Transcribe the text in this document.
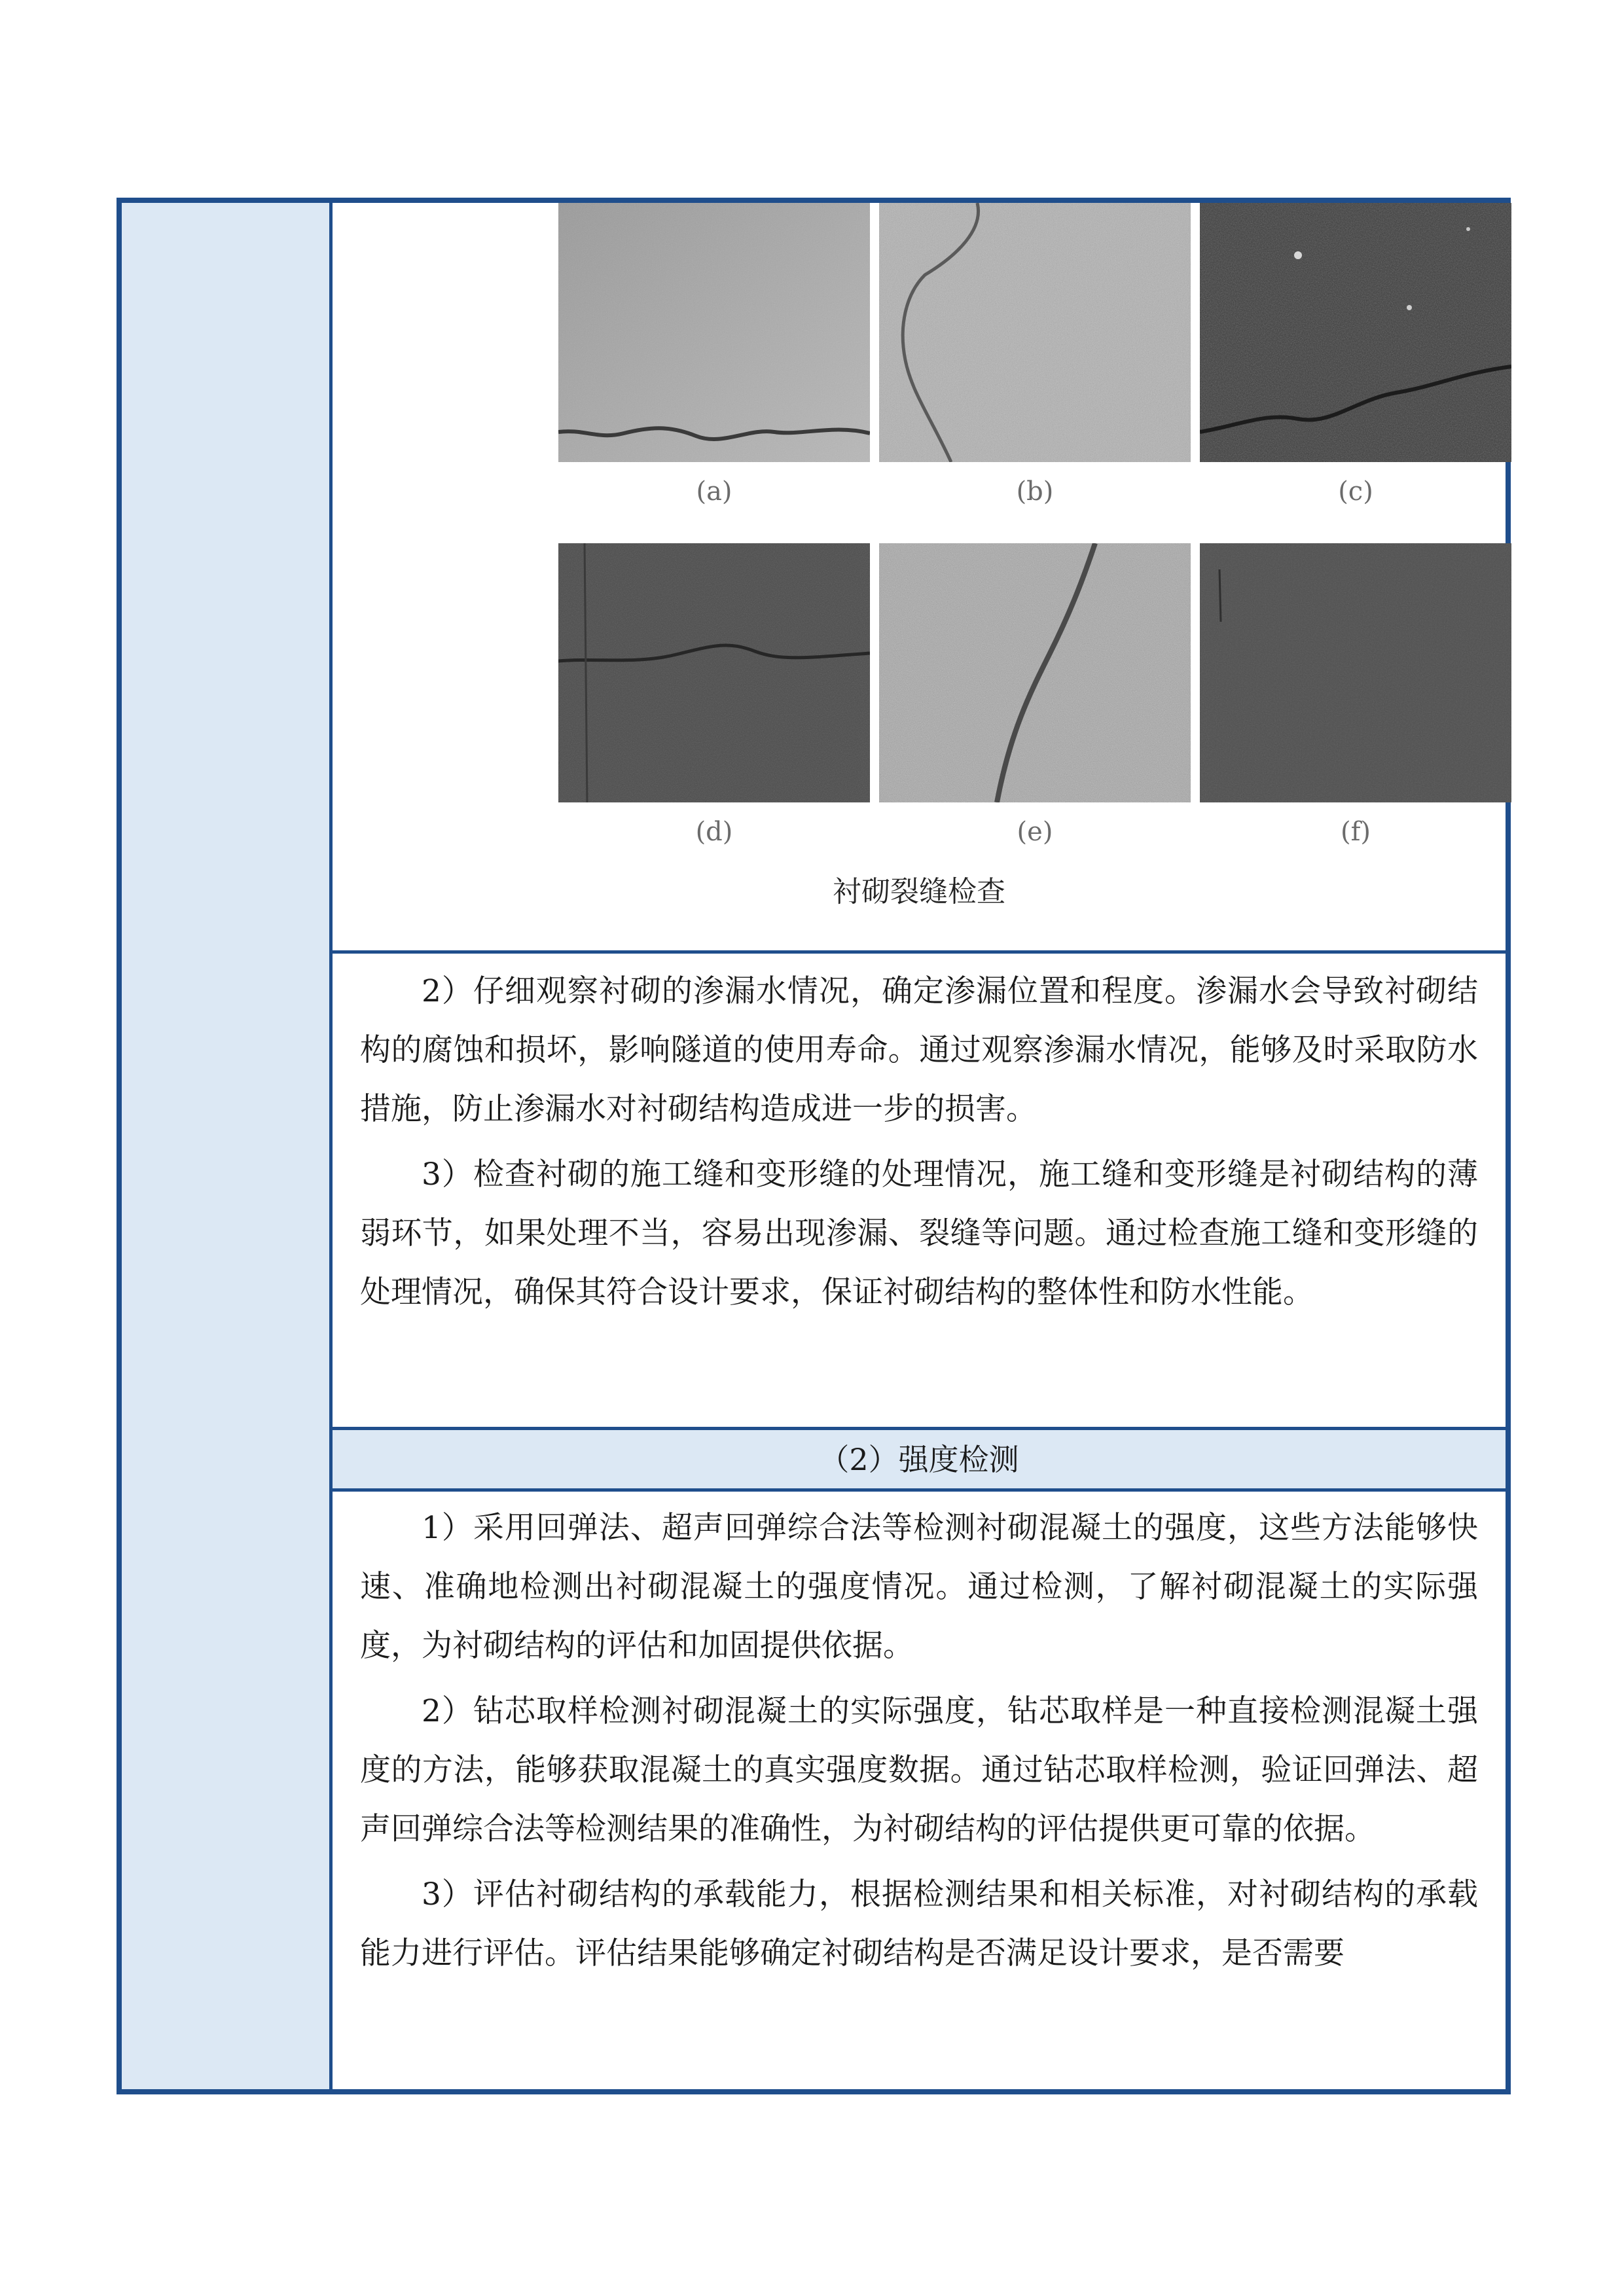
(a)	(b)	(c)
(d)	(e)	(f)
衬砌裂缝检查

2）仔细观察衬砌的渗漏水情况，确定渗漏位置和程度。渗漏水会导致衬砌结构的腐蚀和损坏，影响隧道的使用寿命。通过观察渗漏水情况，能够及时采取防水措施，防止渗漏水对衬砌结构造成进一步的损害。

3）检查衬砌的施工缝和变形缝的处理情况，施工缝和变形缝是衬砌结构的薄弱环节，如果处理不当，容易出现渗漏、裂缝等问题。通过检查施工缝和变形缝的处理情况，确保其符合设计要求，保证衬砌结构的整体性和防水性能。

（2）强度检测

1）采用回弹法、超声回弹综合法等检测衬砌混凝土的强度，这些方法能够快速、准确地检测出衬砌混凝土的强度情况。通过检测，了解衬砌混凝土的实际强度，为衬砌结构的评估和加固提供依据。

2）钻芯取样检测衬砌混凝土的实际强度，钻芯取样是一种直接检测混凝土强度的方法，能够获取混凝土的真实强度数据。通过钻芯取样检测，验证回弹法、超声回弹综合法等检测结果的准确性，为衬砌结构的评估提供更可靠的依据。

3）评估衬砌结构的承载能力，根据检测结果和相关标准，对衬砌结构的承载能力进行评估。评估结果能够确定衬砌结构是否满足设计要求，是否需要
